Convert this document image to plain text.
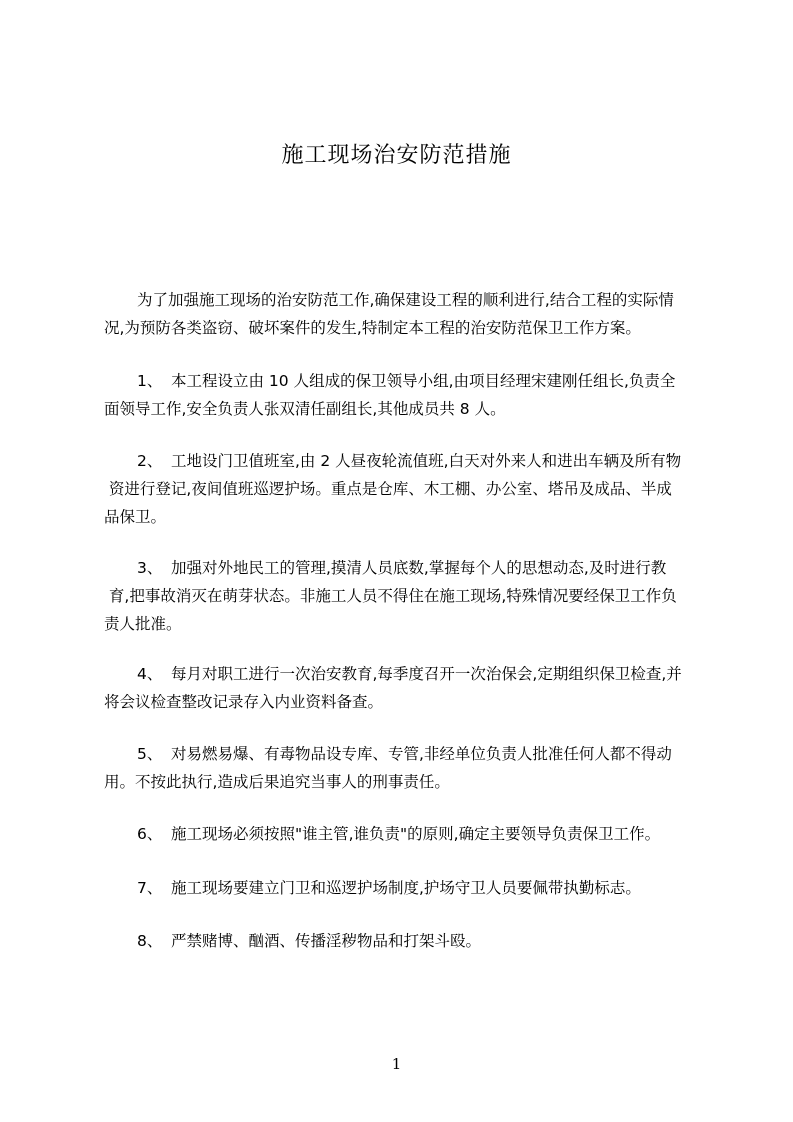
施工现场治安防范措施

为了加强施工现场的治安防范工作,确保建设工程的顺利进行,结合工程的实际情
况,为预防各类盗窃、破坏案件的发生,特制定本工程的治安防范保卫工作方案。

1、 本工程设立由 10 人组成的保卫领导小组,由项目经理宋建刚任组长,负责全
面领导工作,安全负责人张双清任副组长,其他成员共 8 人。

2、 工地设门卫值班室,由 2 人昼夜轮流值班,白天对外来人和进出车辆及所有物
资进行登记,夜间值班巡逻护场。重点是仓库、木工棚、办公室、塔吊及成品、半成
品保卫。

3、 加强对外地民工的管理,摸清人员底数,掌握每个人的思想动态,及时进行教
育,把事故消灭在萌芽状态。非施工人员不得住在施工现场,特殊情况要经保卫工作负
责人批准。

4、 每月对职工进行一次治安教育,每季度召开一次治保会,定期组织保卫检查,并
将会议检查整改记录存入内业资料备查。

5、 对易燃易爆、有毒物品设专库、专管,非经单位负责人批准任何人都不得动
用。不按此执行,造成后果追究当事人的刑事责任。

6、 施工现场必须按照"谁主管,谁负责"的原则,确定主要领导负责保卫工作。

7、 施工现场要建立门卫和巡逻护场制度,护场守卫人员要佩带执勤标志。

8、 严禁赌博、酗酒、传播淫秽物品和打架斗殴。

1
